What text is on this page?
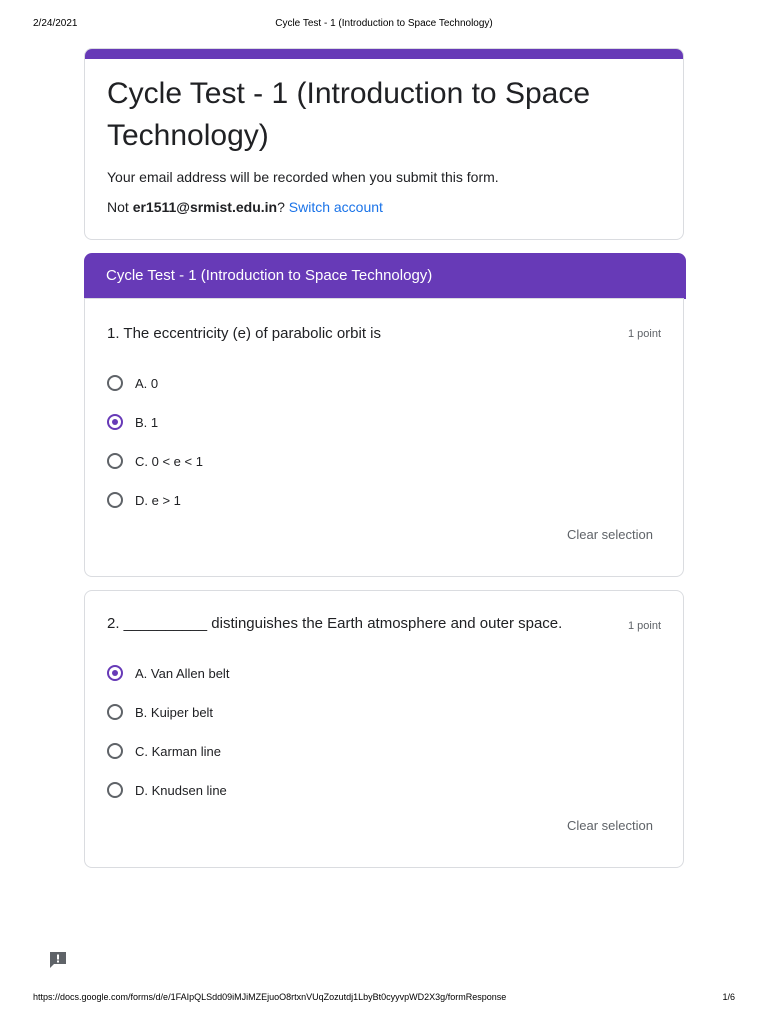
2/24/2021	Cycle Test - 1 (Introduction to Space Technology)
Cycle Test - 1 (Introduction to Space Technology)
Your email address will be recorded when you submit this form.
Not er1511@srmist.edu.in? Switch account
Cycle Test - 1 (Introduction to Space Technology)
1. The eccentricity (e) of parabolic orbit is	1 point
A. 0
B. 1
C. 0 < e < 1
D. e > 1
Clear selection
2. __________ distinguishes the Earth atmosphere and outer space.	1 point
A. Van Allen belt
B. Kuiper belt
C. Karman line
D. Knudsen line
Clear selection
https://docs.google.com/forms/d/e/1FAIpQLSdd09iMJiMZEjuoO8rtxnVUqZozutdj1LbyBt0cyyvpWD2X3g/formResponse	1/6
